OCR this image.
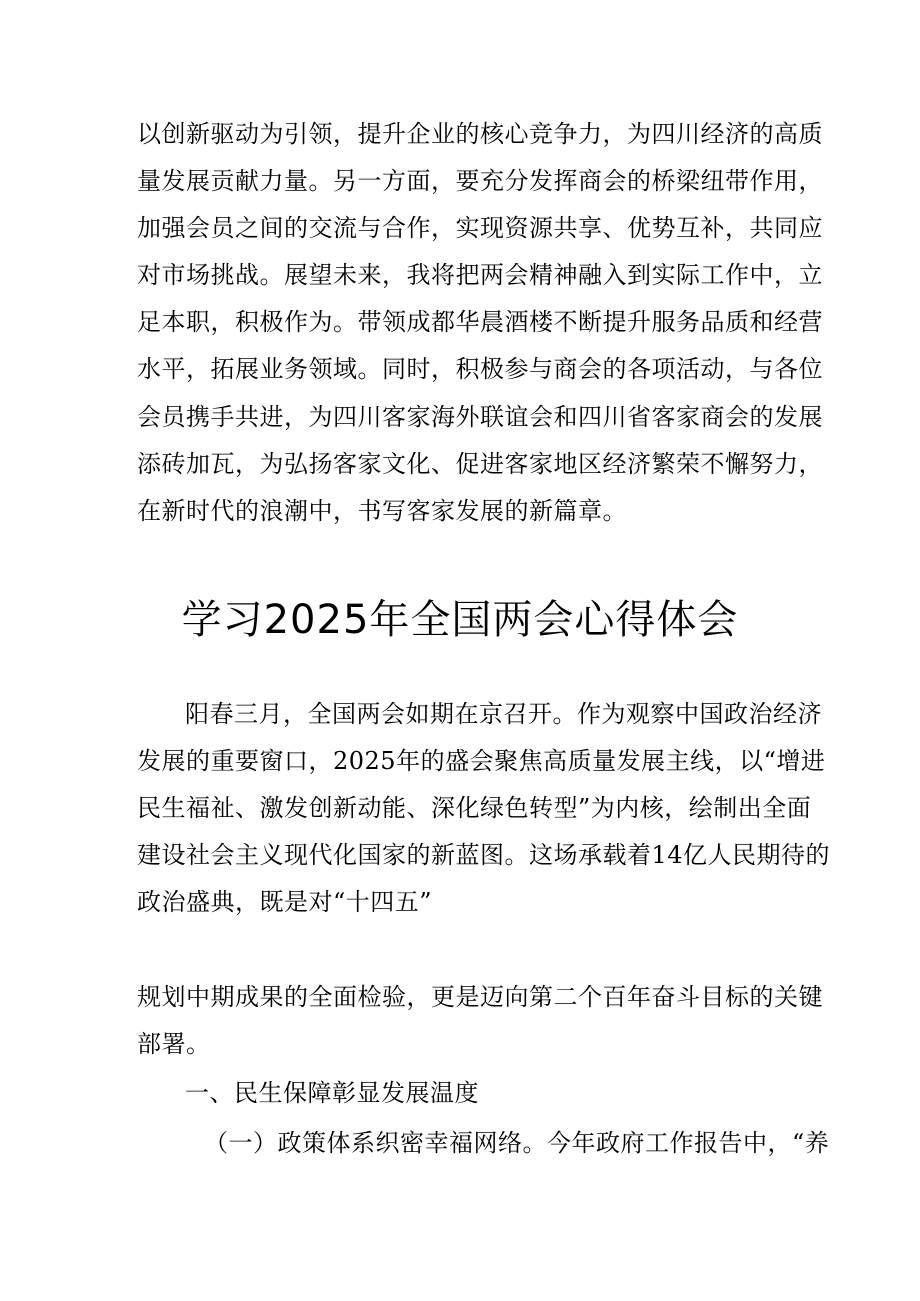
以创新驱动为引领，提升企业的核心竞争力，为四川经济的高质
量发展贡献力量。另一方面，要充分发挥商会的桥梁纽带作用，
加强会员之间的交流与合作，实现资源共享、优势互补，共同应
对市场挑战。展望未来，我将把两会精神融入到实际工作中，立
足本职，积极作为。带领成都华晨酒楼不断提升服务品质和经营
水平，拓展业务领域。同时，积极参与商会的各项活动，与各位
会员携手共进，为四川客家海外联谊会和四川省客家商会的发展
添砖加瓦，为弘扬客家文化、促进客家地区经济繁荣不懈努力，
在新时代的浪潮中，书写客家发展的新篇章。
学习2025年全国两会心得体会
阳春三月，全国两会如期在京召开。作为观察中国政治经济
发展的重要窗口，2025年的盛会聚焦高质量发展主线，以“增进
民生福祉、激发创新动能、深化绿色转型”为内核，绘制出全面
建设社会主义现代化国家的新蓝图。这场承载着14亿人民期待的
政治盛典，既是对“十四五”
规划中期成果的全面检验，更是迈向第二个百年奋斗目标的关键
部署。
一、民生保障彰显发展温度
（一）政策体系织密幸福网络。今年政府工作报告中，“养
